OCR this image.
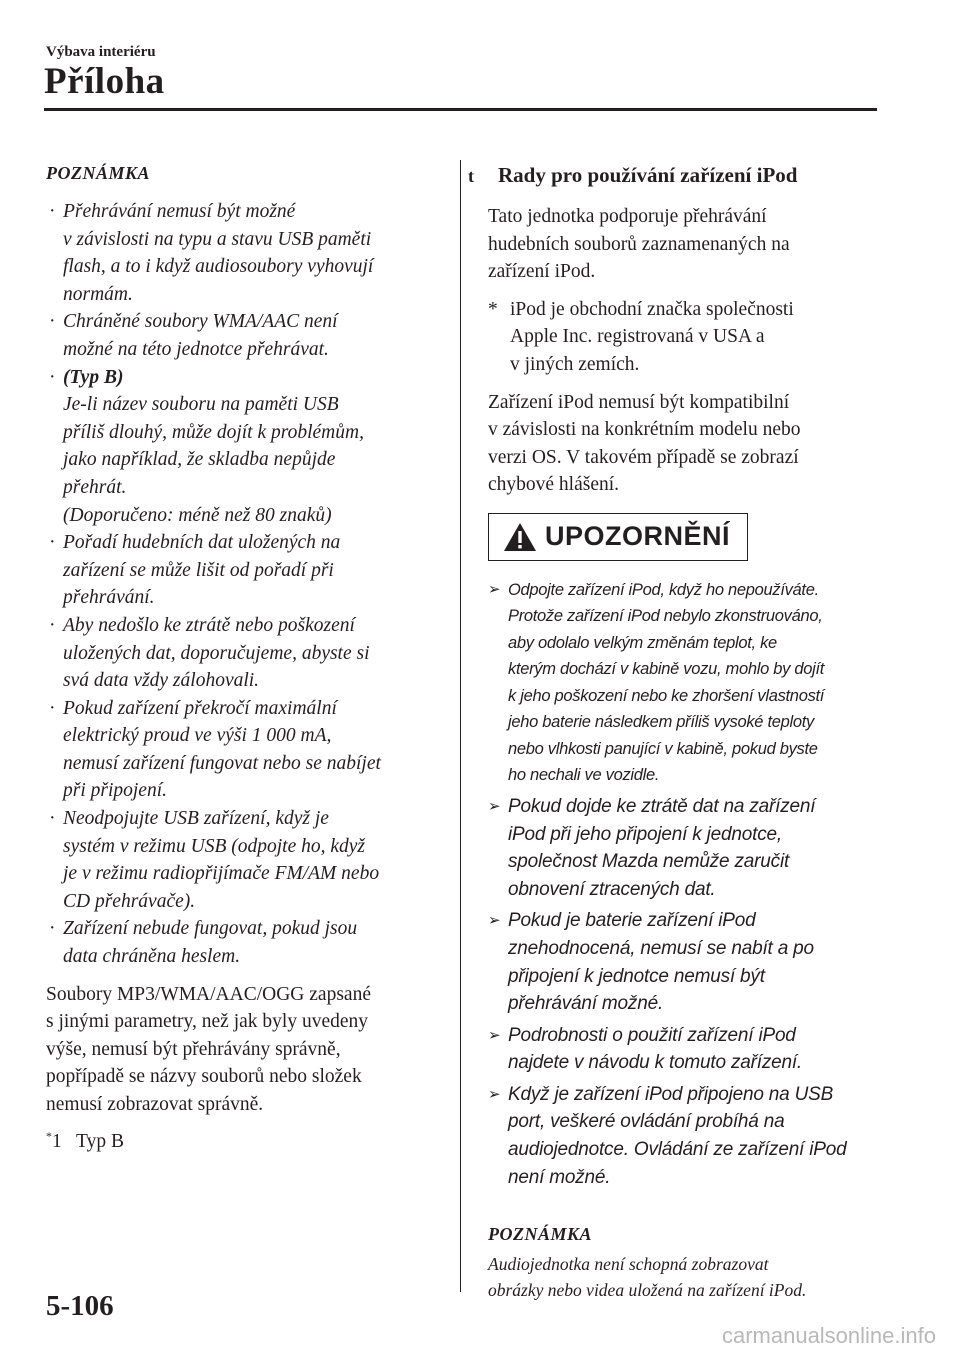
Výbava interiéru
Příloha
POZNÁMKA
· Přehrávání nemusí být možné
v závislosti na typu a stavu USB paměti
flash, a to i když audiosoubory vyhovují
normám.
· Chráněné soubory WMA/AAC není
možné na této jednotce přehrávat.
· (Typ B)
Je-li název souboru na paměti USB
příliš dlouhý, může dojít k problémům,
jako například, že skladba nepůjde
přehrát.
(Doporučeno: méně než 80 znaků)
· Pořadí hudebních dat uložených na
zařízení se může lišit od pořadí při
přehrávání.
· Aby nedošlo ke ztrátě nebo poškození
uložených dat, doporučujeme, abyste si
svá data vždy zálohovali.
· Pokud zařízení překročí maximální
elektrický proud ve výši 1 000 mA,
nemusí zařízení fungovat nebo se nabíjet
při připojení.
· Neodpojujte USB zařízení, když je
systém v režimu USB (odpojte ho, když
je v režimu radiopřijímače FM/AM nebo
CD přehrávače).
· Zařízení nebude fungovat, pokud jsou
data chráněna heslem.

Soubory MP3/WMA/AAC/OGG zapsané
s jinými parametry, než jak byly uvedeny
výše, nemusí být přehrávány správně,
popřípadě se názvy souborů nebo složek
nemusí zobrazovat správně.

*1   Typ B
t Rady pro používání zařízení iPod

Tato jednotka podporuje přehrávání
hudebních souborů zaznamenaných na
zařízení iPod.

* iPod je obchodní značka společnosti
Apple Inc. registrovaná v USA a
v jiných zemích.

Zařízení iPod nemusí být kompatibilní
v závislosti na konkrétním modelu nebo
verzi OS. V takovém případě se zobrazí
chybové hlášení.

UPOZORNĚNÍ
➢ Odpojte zařízení iPod, když ho nepoužíváte.
Protože zařízení iPod nebylo zkonstruováno,
aby odolalo velkým změnám teplot, ke
kterým dochází v kabině vozu, mohlo by dojít
k jeho poškození nebo ke zhoršení vlastností
jeho baterie následkem příliš vysoké teploty
nebo vlhkosti panující v kabině, pokud byste
ho nechali ve vozidle.
➢ Pokud dojde ke ztrátě dat na zařízení
iPod při jeho připojení k jednotce,
společnost Mazda nemůže zaručit
obnovení ztracených dat.
➢ Pokud je baterie zařízení iPod
znehodnocená, nemusí se nabít a po
připojení k jednotce nemusí být
přehrávání možné.
➢ Podrobnosti o použití zařízení iPod
najdete v návodu k tomuto zařízení.
➢ Když je zařízení iPod připojeno na USB
port, veškeré ovládání probíhá na
audiojednotce. Ovládání ze zařízení iPod
není možné.
POZNÁMKA
Audiojednotka není schopná zobrazovat
obrázky nebo videa uložená na zařízení iPod.
5-106
carmanualsonline.info
